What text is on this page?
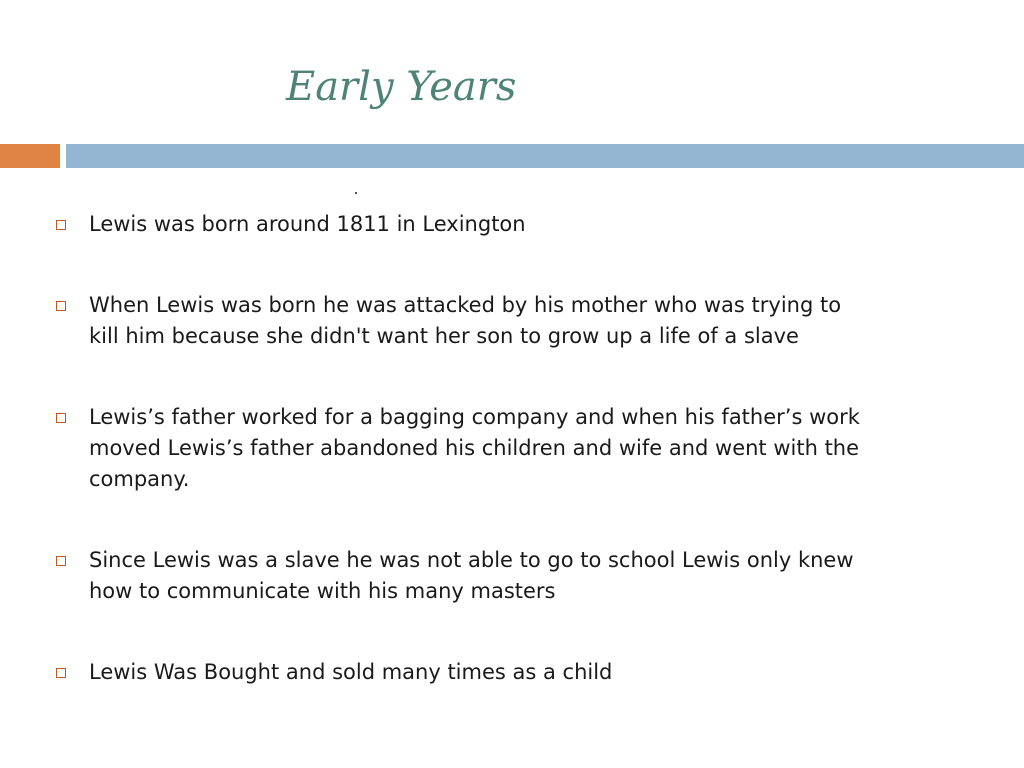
Early Years
Lewis was born around 1811 in Lexington
When Lewis was born he was attacked by his mother who was trying to kill him because she didn't want her son to grow up a life of a slave
Lewis’s father worked for a bagging company and when his father’s work moved Lewis’s father abandoned his children and wife and went with the company.
Since Lewis was a slave he was not able to go to school Lewis only knew how to communicate with his many masters
Lewis Was Bought and sold many times as a child
